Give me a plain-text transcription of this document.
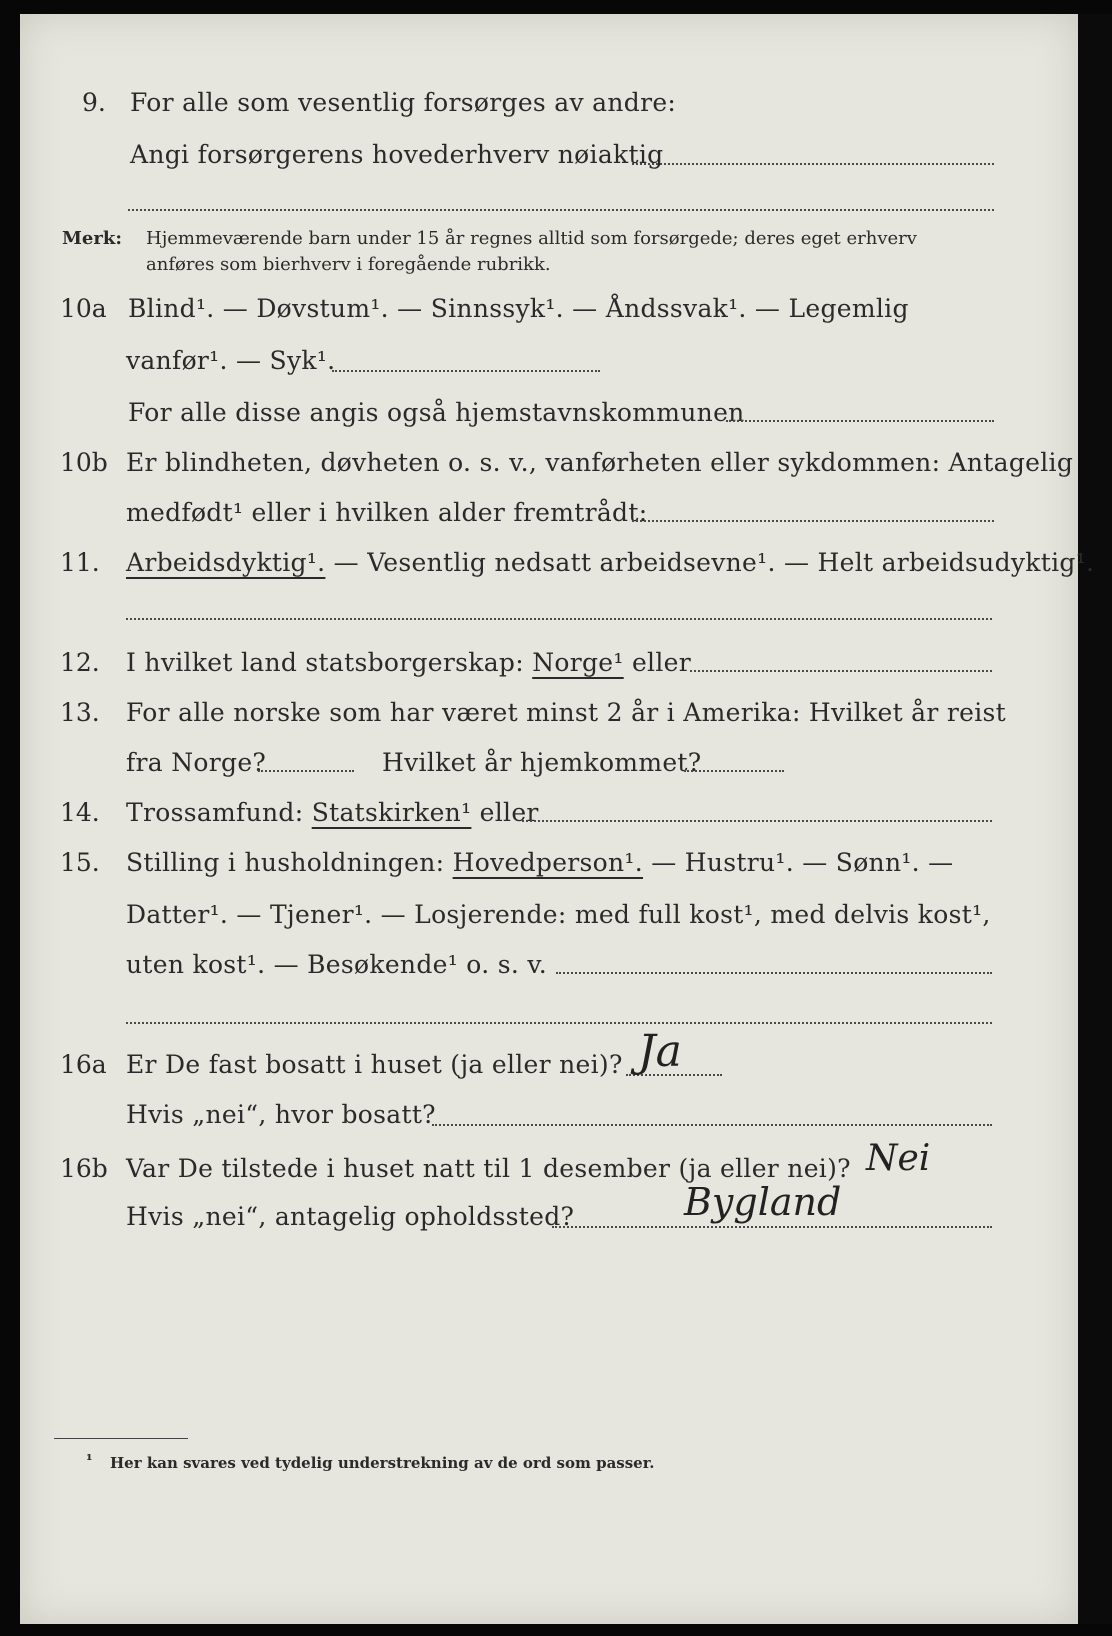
9. For alle som vesentlig forsørges av andre:
Angi forsørgerens hovederhverv nøiaktig
Merk: Hjemmeværende barn under 15 år regnes alltid som forsørgede; deres eget erhverv
anføres som bierhverv i foregående rubrikk.
10a Blind¹. — Døvstum¹. — Sinnssyk¹. — Åndssvak¹. — Legemlig
vanfør¹. — Syk¹.
For alle disse angis også hjemstavnskommunen
10b Er blindheten, døvheten o. s. v., vanførheten eller sykdommen: Antagelig
medfødt¹ eller i hvilken alder fremtrådt:
11. Arbeidsdyktig¹. — Vesentlig nedsatt arbeidsevne¹. — Helt arbeidsudyktig¹.
12. I hvilket land statsborgerskap: Norge¹ eller
13. For alle norske som har været minst 2 år i Amerika: Hvilket år reist
fra Norge?	Hvilket år hjemkommet?
14. Trossamfund: Statskirken¹ eller
15. Stilling i husholdningen: Hovedperson¹. — Hustru¹. — Sønn¹. —
Datter¹. — Tjener¹. — Losjerende: med full kost¹, med delvis kost¹,
uten kost¹. — Besøkende¹ o. s. v.
16a Er De fast bosatt i huset (ja eller nei)? Ja
Hvis „nei“, hvor bosatt?
16b Var De tilstede i huset natt til 1 desember (ja eller nei)? Nei
Hvis „nei“, antagelig opholdssted?	Bygland
¹ Her kan svares ved tydelig understrekning av de ord som passer.
